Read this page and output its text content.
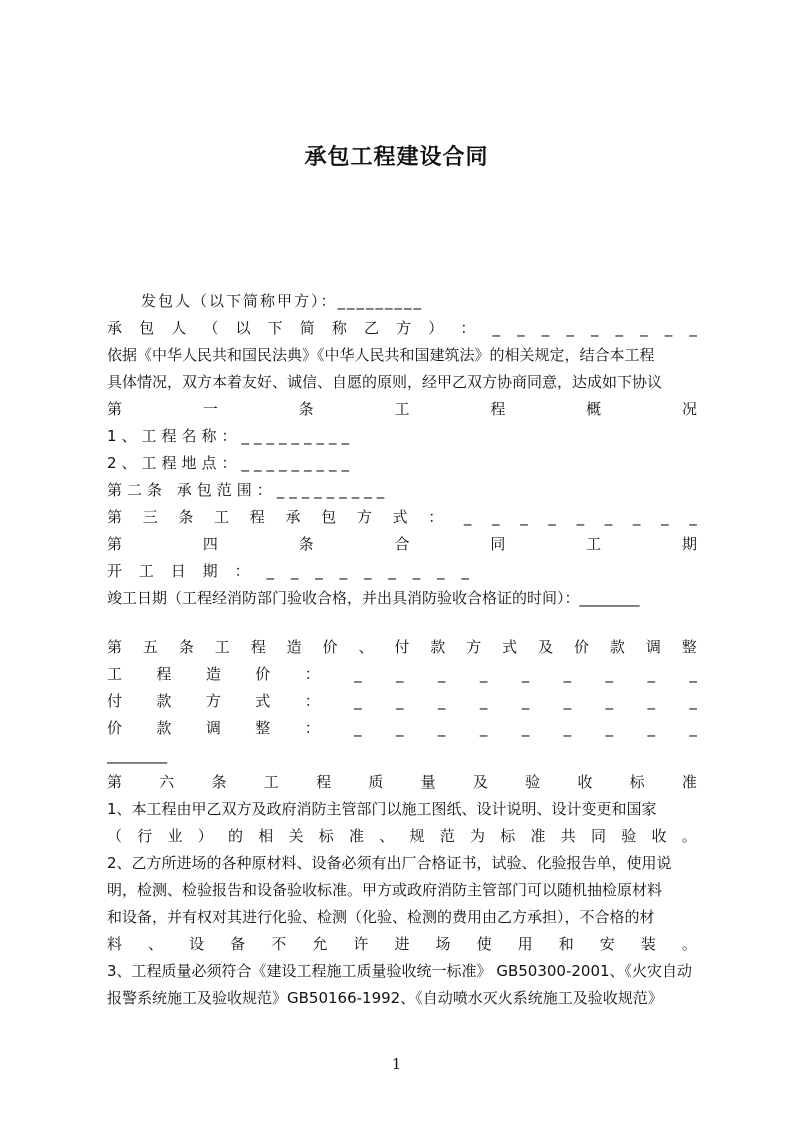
承包工程建设合同
发包人（以下简称甲方）：_________
承 包 人 （ 以 下 简 称 乙 方 ） ： _ _ _ _ _ _ _ _ _
依据《中华人民共和国民法典》《中华人民共和国建筑法》的相关规定，结合本工程
具体情况，双方本着友好、诚信、自愿的原则，经甲乙双方协商同意，达成如下协议
第	一	条	工	程	概	况
1、工程名称：_________
2、工程地点：_________
第二条 承包范围：_________
第 三 条 工 程 承 包 方 式 ： _ _ _ _ _ _ _ _ _
第	四	条	合	同	工	期
开 工 日 期 ： _ _ _ _ _ _ _ _ _
竣工日期（工程经消防部门验收合格，并出具消防验收合格证的时间）：________
第 五 条 工 程 造 价 、 付 款 方 式 及 价 款 调 整
工 程 造 价 ： _ _ _ _ _ _ _ _ _
付 款 方 式 ： _ _ _ _ _ _ _ _ _
价 款 调 整 ： _ _ _ _ _ _ _ _ _
________
第 六 条 工 程 质 量 及 验 收 标 准
1、本工程由甲乙双方及政府消防主管部门以施工图纸、设计说明、设计变更和国家
（ 行 业 ） 的 相 关 标 准 、 规 范 为 标 准 共 同 验 收 。
2、乙方所进场的各种原材料、设备必须有出厂合格证书，试验、化验报告单，使用说
明，检测、检验报告和设备验收标准。甲方或政府消防主管部门可以随机抽检原材料
和设备，并有权对其进行化验、检测（化验、检测的费用由乙方承担），不合格的材
料 、 设 备 不 允 许 进 场 使 用 和 安 装 。
3、工程质量必须符合《建设工程施工质量验收统一标准》 GB50300-2001、《火灾自动
报警系统施工及验收规范》GB50166-1992、《自动喷水灭火系统施工及验收规范》
1
